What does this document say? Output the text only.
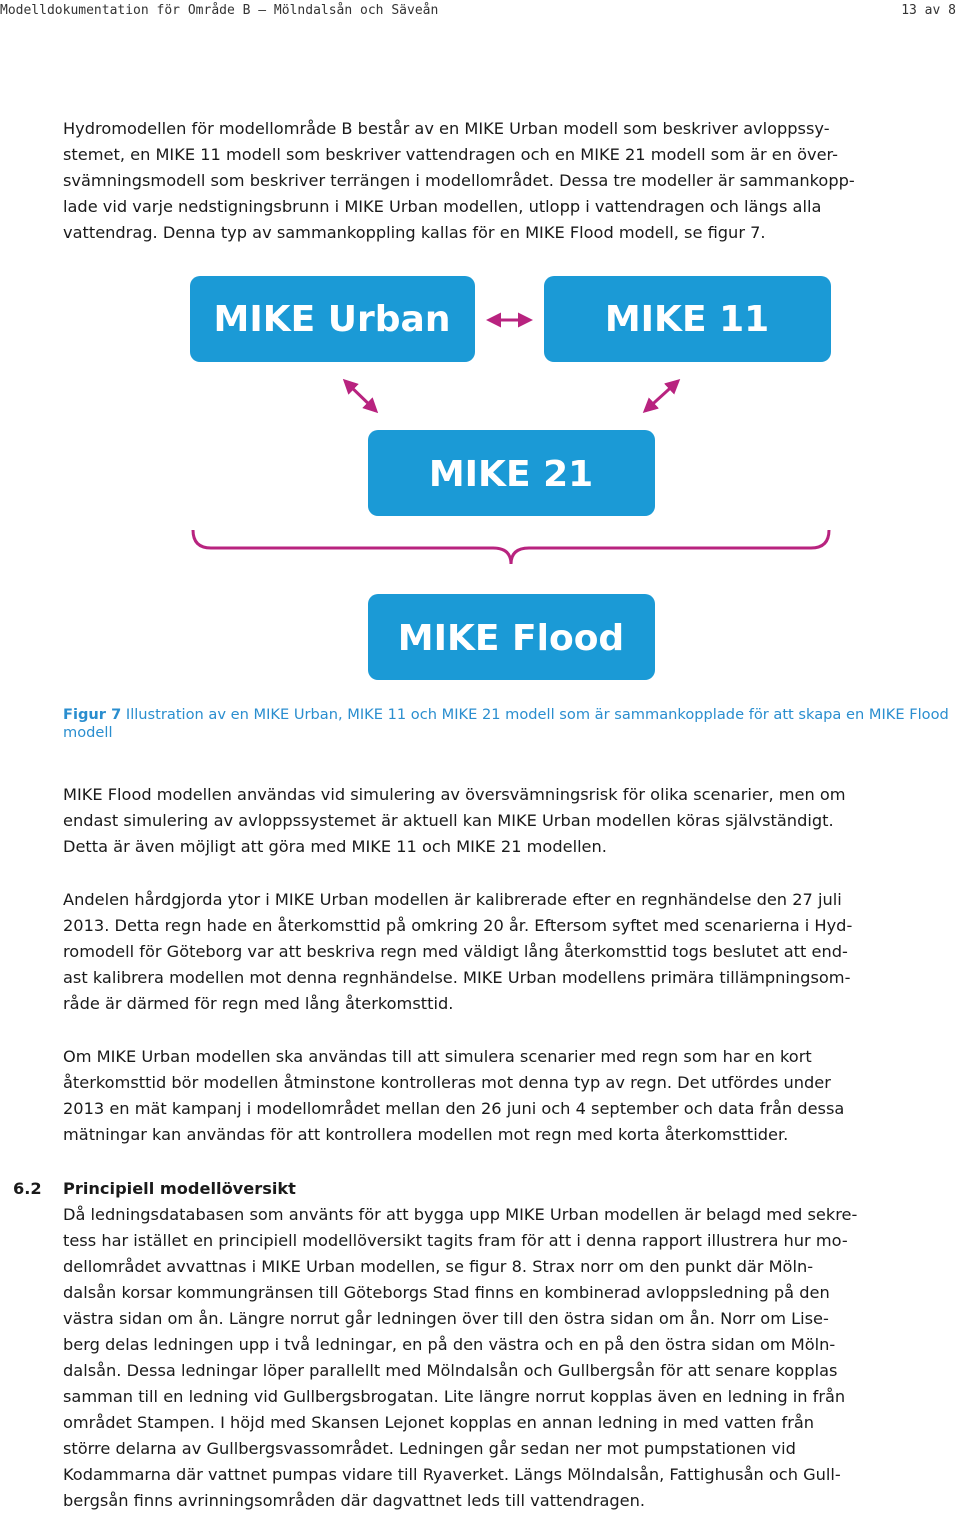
Modelldokumentation för Område B – Mölndalsån och Säveån	13 av 8

Hydromodellen för modellområde B består av en MIKE Urban modell som beskriver avloppssy-
stemet, en MIKE 11 modell som beskriver vattendragen och en MIKE 21 modell som är en över-
svämningsmodell som beskriver terrängen i modellområdet. Dessa tre modeller är sammankopp-
lade vid varje nedstigningsbrunn i MIKE Urban modellen, utlopp i vattendragen och längs alla
vattendrag. Denna typ av sammankoppling kallas för en MIKE Flood modell, se figur 7.

MIKE Urban	MIKE 11
MIKE 21
MIKE Flood

Figur 7 Illustration av en MIKE Urban, MIKE 11 och MIKE 21 modell som är sammankopplade för att skapa en MIKE Flood modell

MIKE Flood modellen användas vid simulering av översvämningsrisk för olika scenarier, men om
endast simulering av avloppssystemet är aktuell kan MIKE Urban modellen köras självständigt.
Detta är även möjligt att göra med MIKE 11 och MIKE 21 modellen.

Andelen hårdgjorda ytor i MIKE Urban modellen är kalibrerade efter en regnhändelse den 27 juli
2013. Detta regn hade en återkomsttid på omkring 20 år. Eftersom syftet med scenarierna i Hyd-
romodell för Göteborg var att beskriva regn med väldigt lång återkomsttid togs beslutet att end-
ast kalibrera modellen mot denna regnhändelse. MIKE Urban modellens primära tillämpningsom-
råde är därmed för regn med lång återkomsttid.

Om MIKE Urban modellen ska användas till att simulera scenarier med regn som har en kort
återkomsttid bör modellen åtminstone kontrolleras mot denna typ av regn. Det utfördes under
2013 en mät kampanj i modellområdet mellan den 26 juni och 4 september och data från dessa
mätningar kan användas för att kontrollera modellen mot regn med korta återkomsttider.

6.2 Principiell modellöversikt

Då ledningsdatabasen som använts för att bygga upp MIKE Urban modellen är belagd med sekre-
tess har istället en principiell modellöversikt tagits fram för att i denna rapport illustrera hur mo-
dellområdet avvattnas i MIKE Urban modellen, se figur 8. Strax norr om den punkt där Möln-
dalsån korsar kommungränsen till Göteborgs Stad finns en kombinerad avloppsledning på den
västra sidan om ån. Längre norrut går ledningen över till den östra sidan om ån. Norr om Lise-
berg delas ledningen upp i två ledningar, en på den västra och en på den östra sidan om Möln-
dalsån. Dessa ledningar löper parallellt med Mölndalsån och Gullbergsån för att senare kopplas
samman till en ledning vid Gullbergsbrogatan. Lite längre norrut kopplas även en ledning in från
området Stampen. I höjd med Skansen Lejonet kopplas en annan ledning in med vatten från
större delarna av Gullbergsvassområdet. Ledningen går sedan ner mot pumpstationen vid
Kodammarna där vattnet pumpas vidare till Ryaverket. Längs Mölndalsån, Fattighusån och Gull-
bergsån finns avrinningsområden där dagvattnet leds till vattendragen.
